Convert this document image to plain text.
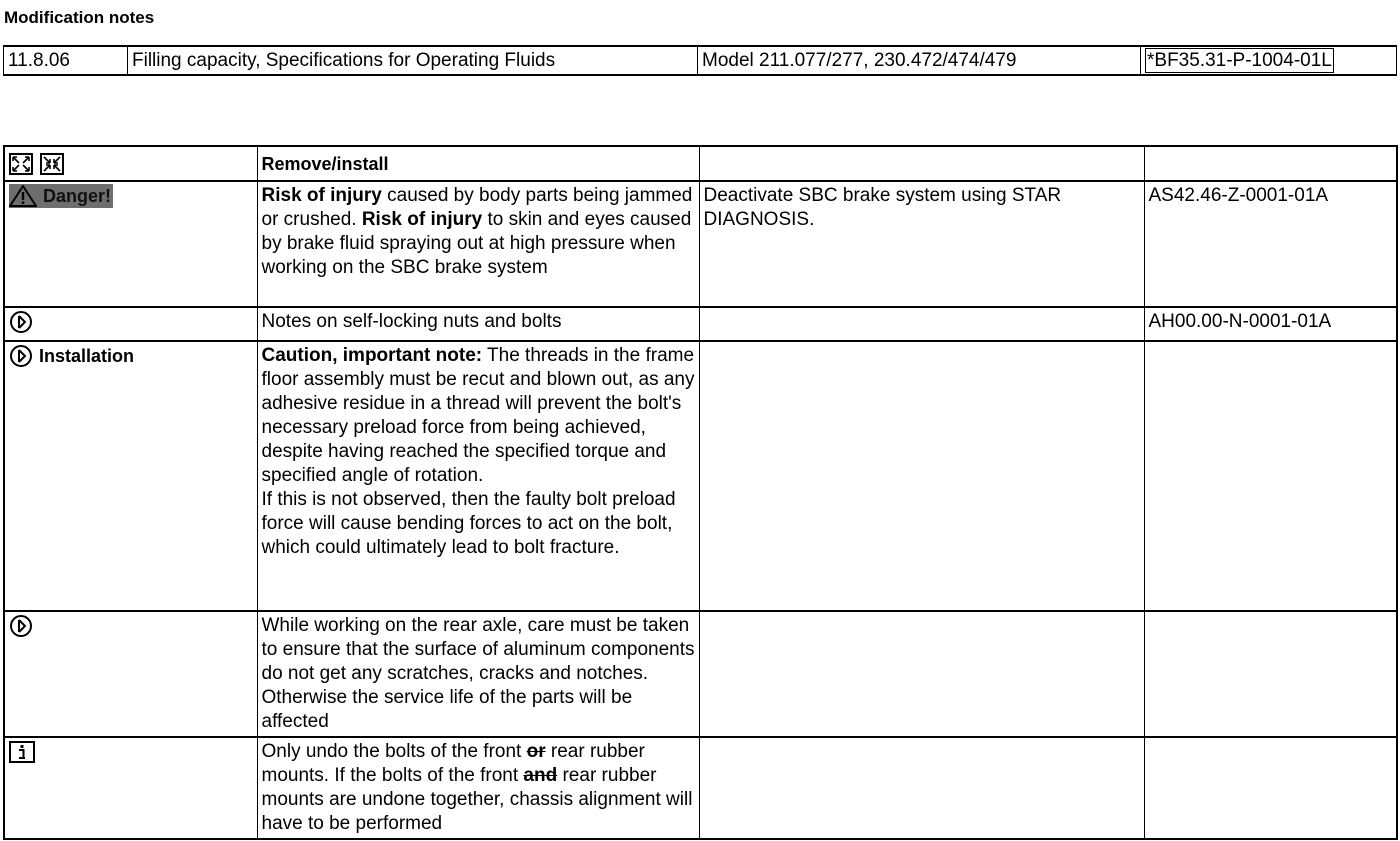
Modification notes
11.8.06	Filling capacity, Specifications for Operating Fluids	Model 211.077/277, 230.472/474/479	*BF35.31-P-1004-01L
	Remove/install		

Danger!	Risk of injury caused by body parts being jammed or crushed. Risk of injury to skin and eyes caused by brake fluid spraying out at high pressure when working on the SBC brake system	Deactivate SBC brake system using STAR DIAGNOSIS.	AS42.46-Z-0001-01A
	Notes on self-locking nuts and bolts		AH00.00-N-0001-01A
Installation	Caution, important note: The threads in the frame floor assembly must be recut and blown out, as any adhesive residue in a thread will prevent the bolt's necessary preload force from being achieved, despite having reached the specified torque and specified angle of rotation.
If this is not observed, then the faulty bolt preload force will cause bending forces to act on the bolt, which could ultimately lead to bolt fracture.		
	While working on the rear axle, care must be taken to ensure that the surface of aluminum components do not get any scratches, cracks and notches. Otherwise the service life of the parts will be affected		
	Only undo the bolts of the front or rear rubber mounts. If the bolts of the front and rear rubber mounts are undone together, chassis alignment will have to be performed		
